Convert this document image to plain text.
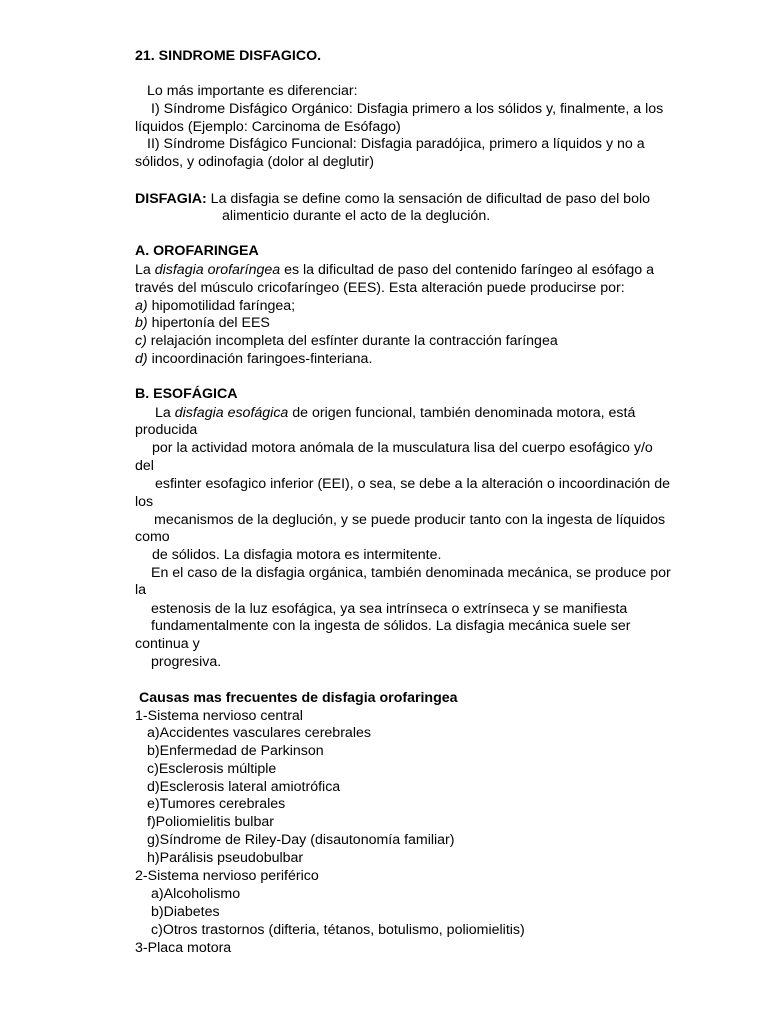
21. SINDROME DISFAGICO.
Lo más importante es diferenciar:
I) Síndrome Disfágico Orgánico: Disfagia primero a los sólidos y, finalmente, a los
líquidos (Ejemplo: Carcinoma de Esófago)
II) Síndrome Disfágico Funcional: Disfagia paradójica, primero a líquidos y no a
sólidos, y odinofagia (dolor al deglutir)
DISFAGIA: La disfagia se define como la sensación de dificultad de paso del bolo
alimenticio durante el acto de la deglución.
A. OROFARINGEA
La disfagia orofaríngea es la dificultad de paso del contenido faríngeo al esófago a
través del músculo cricofaríngeo (EES). Esta alteración puede producirse por:
a) hipomotilidad faríngea;
b) hipertonía del EES
c) relajación incompleta del esfínter durante la contracción faríngea
d) incoordinación faringoes-finteriana.
B. ESOFÁGICA
La disfagia esofágica de origen funcional, también denominada motora, está
producida
por la actividad motora anómala de la musculatura lisa del cuerpo esofágico y/o
del
esfinter esofagico inferior (EEI), o sea, se debe a la alteración o incoordinación de
los
mecanismos de la deglución, y se puede producir tanto con la ingesta de líquidos
como
de sólidos. La disfagia motora es intermitente.
En el caso de la disfagia orgánica, también denominada mecánica, se produce por
la
estenosis de la luz esofágica, ya sea intrínseca o extrínseca y se manifiesta
fundamentalmente con la ingesta de sólidos. La disfagia mecánica suele ser
continua y
progresiva.
Causas mas frecuentes de disfagia orofaringea
1-Sistema nervioso central
a)Accidentes vasculares cerebrales
b)Enfermedad de Parkinson
c)Esclerosis múltiple
d)Esclerosis lateral amiotrófica
e)Tumores cerebrales
f)Poliomielitis bulbar
g)Síndrome de Riley-Day (disautonomía familiar)
h)Parálisis pseudobulbar
2-Sistema nervioso periférico
a)Alcoholismo
b)Diabetes
c)Otros trastornos (difteria, tétanos, botulismo, poliomielitis)
3-Placa motora
